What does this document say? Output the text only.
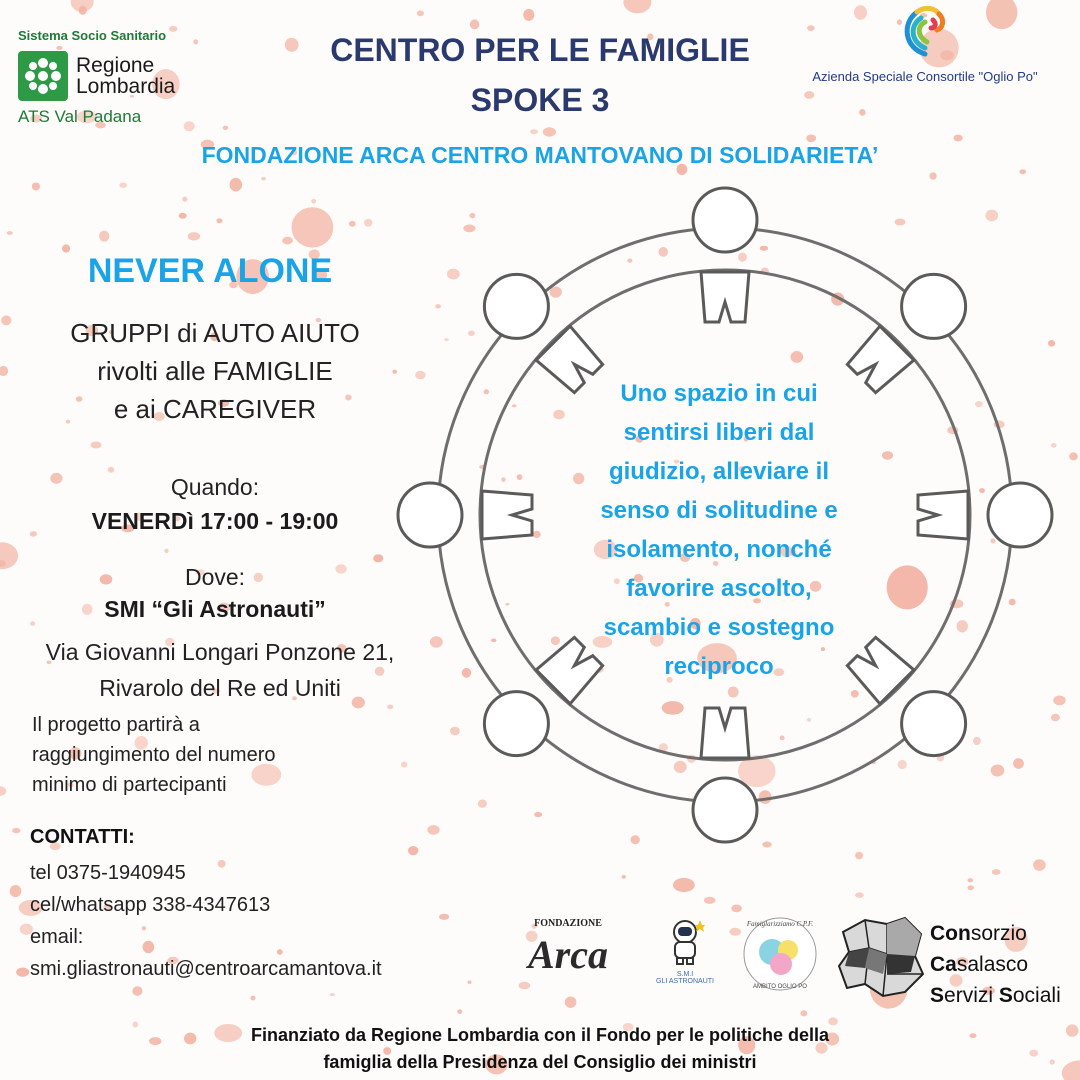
Sistema Socio Sanitario
Regione
Lombardia
ATS Val Padana
Azienda Speciale Consortile "Oglio Po"
CENTRO PER LE FAMIGLIE
SPOKE 3
FONDAZIONE ARCA CENTRO MANTOVANO DI SOLIDARIETA’
Uno spazio in cui
sentirsi liberi dal
giudizio, alleviare il
senso di solitudine e
isolamento, nonché
favorire ascolto,
scambio e sostegno
reciproco
NEVER ALONE
GRUPPI di AUTO AIUTO
rivolti alle FAMIGLIE
e ai CAREGIVER
Quando:
VENERDì 17:00 - 19:00
Dove:
SMI “Gli Astronauti”
Via Giovanni Longari Ponzone 21,
Rivarolo del Re ed Uniti
Il progetto partirà a
raggiungimento del numero
minimo di partecipanti
CONTATTI:
tel 0375-1940945
cel/whatsapp 338-4347613
email:
smi.gliastronauti@centroarcamantova.it
FONDAZIONE
Arca	S.M.I
GLI ASTRONAUTI
Famiglarizziamo C.P.F.
AMBITO OGLIO PO
Consorzio
Casalasco
Servizi Sociali
Finanziato da Regione Lombardia con il Fondo per le politiche della
famiglia della Presidenza del Consiglio dei ministri
